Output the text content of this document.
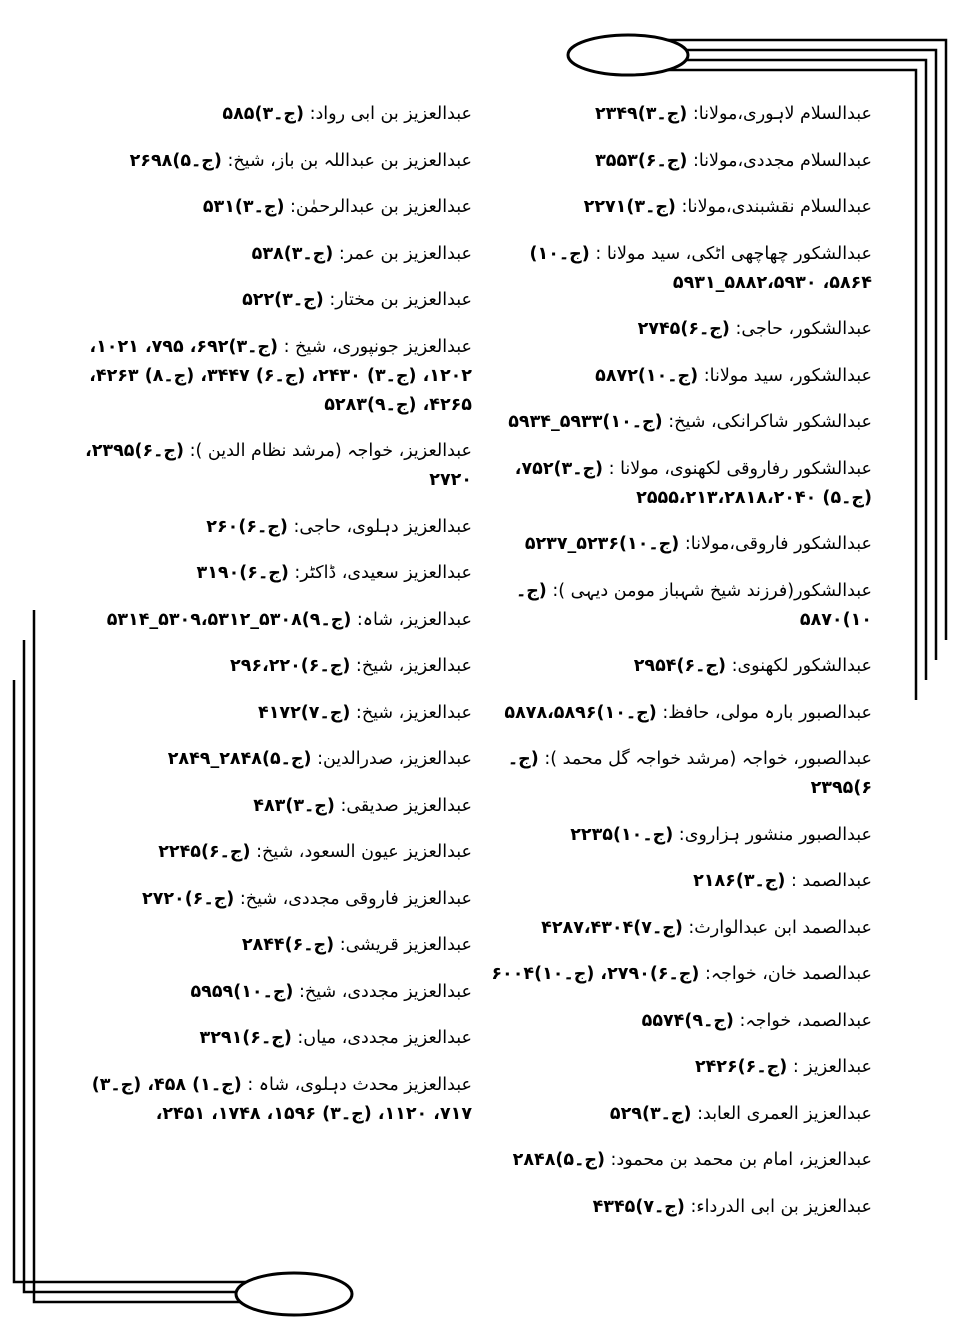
عبدالسلام لاہوری،مولانا: (ج۔۳)۲۳۴۹
عبدالسلام مجددی،مولانا: (ج۔۶)۳۵۵۳
عبدالسلام نقشبندی،مولانا: (ج۔۳)۲۲۷۱
عبدالشکور چھاچھی اٹکی، سید مولانا : (ج۔۱۰) ۵۸۶۴، ۵۸۸۲،۵۹۳۰_۵۹۳۱
عبدالشکور، حاجی: (ج۔۶)۲۷۴۵
عبدالشکور، سید مولانا: (ج۔۱۰)۵۸۷۲
عبدالشکور شاکرانکی، شیخ: (ج۔۱۰)۵۹۳۳_۵۹۳۴
عبدالشکور رفاروقی لکھنوی، مولانا : (ج۔۳)۷۵۲، (ج۔۵) ۲۵۵۵،۲۱۳،۲۸۱۸،۲۰۴۰
عبدالشکور فاروقی،مولانا: (ج۔۱۰)۵۲۳۶_۵۲۳۷
عبدالشکور(فرزند شیخ شہباز مومن دیہی ): (ج۔۱۰)۵۸۷۰
عبدالشکور لکھنوی: (ج۔۶)۲۹۵۴
عبدالصبور بارہ مولی، حافظ: (ج۔۱۰)۵۸۷۸،۵۸۹۶
عبدالصبور، خواجہ (مرشد خواجہ گل محمد ): (ج۔۶)۲۳۹۵
عبدالصبور منشور ہزاروی: (ج۔۱۰)۲۲۳۵
عبدالصمد : (ج۔۳)۲۱۸۶
عبدالصمد ابن عبدالوارث: (ج۔۷)۴۲۸۷،۴۳۰۴
عبدالصمد خان، خواجہ: (ج۔۶)۲۷۹۰، (ج۔۱۰)۶۰۰۴
عبدالصمد، خواجہ: (ج۔۹)۵۵۷۴
عبدالعزیز : (ج۔۶)۲۴۲۶
عبدالعزیز العمری العابد: (ج۔۳)۵۲۹
عبدالعزیز، امام بن محمد بن محمود: (ج۔۵)۲۸۴۸
عبدالعزیز بن ابی الدرداء: (ج۔۷)۴۳۴۵
عبدالعزیز بن ابی رواد: (ج۔۳)۵۸۵
عبدالعزیز بن عبداللہ بن باز، شیخ: (ج۔۵)۲۶۹۸
عبدالعزیز بن عبدالرحمٰن: (ج۔۳)۵۳۱
عبدالعزیز بن عمر: (ج۔۳)۵۳۸
عبدالعزیز بن مختار: (ج۔۳)۵۲۲
عبدالعزیز جونپوری، شیخ : (ج۔۳)۶۹۲، ۷۹۵، ۱۰۲۱، ۱۲۰۲، (ج۔۳) ۲۴۳۰، (ج۔۶) ۳۴۴۷، (ج۔۸) ۴۲۶۳، ۴۲۶۵، (ج۔۹)۵۲۸۳
عبدالعزیز، خواجہ (مرشد نظام الدین ): (ج۔۶)۲۳۹۵، ۲۷۲۰
عبدالعزیز دہلوی، حاجی: (ج۔۶)۲۶۰
عبدالعزیز سعیدی، ڈاکٹر: (ج۔۶)۳۱۹۰
عبدالعزیز، شاہ: (ج۔۹)۵۳۰۸_۵۳۰۹،۵۳۱۲_۵۳۱۴
عبدالعزیز، شیخ: (ج۔۶)۲۹۶،۲۲۰
عبدالعزیز، شیخ: (ج۔۷)۴۱۷۲
عبدالعزیز، صدرالدین: (ج۔۵)۲۸۴۸_۲۸۴۹
عبدالعزیز صدیقی: (ج۔۳)۴۸۳
عبدالعزیز عیون السعود، شیخ: (ج۔۶)۲۲۴۵
عبدالعزیز فاروقی مجددی، شیخ: (ج۔۶)۲۷۲۰
عبدالعزیز قریشی: (ج۔۶)۲۸۴۴
عبدالعزیز مجددی، شیخ: (ج۔۱۰)۵۹۵۹
عبدالعزیز مجددی، میاں: (ج۔۶)۳۲۹۱
عبدالعزیز محدث دہلوی، شاہ : (ج۔۱) ۴۵۸، (ج۔۳) ۷۱۷، ۱۱۲۰، (ج۔۳) ۱۵۹۶، ۱۷۴۸، ۲۴۵۱،
